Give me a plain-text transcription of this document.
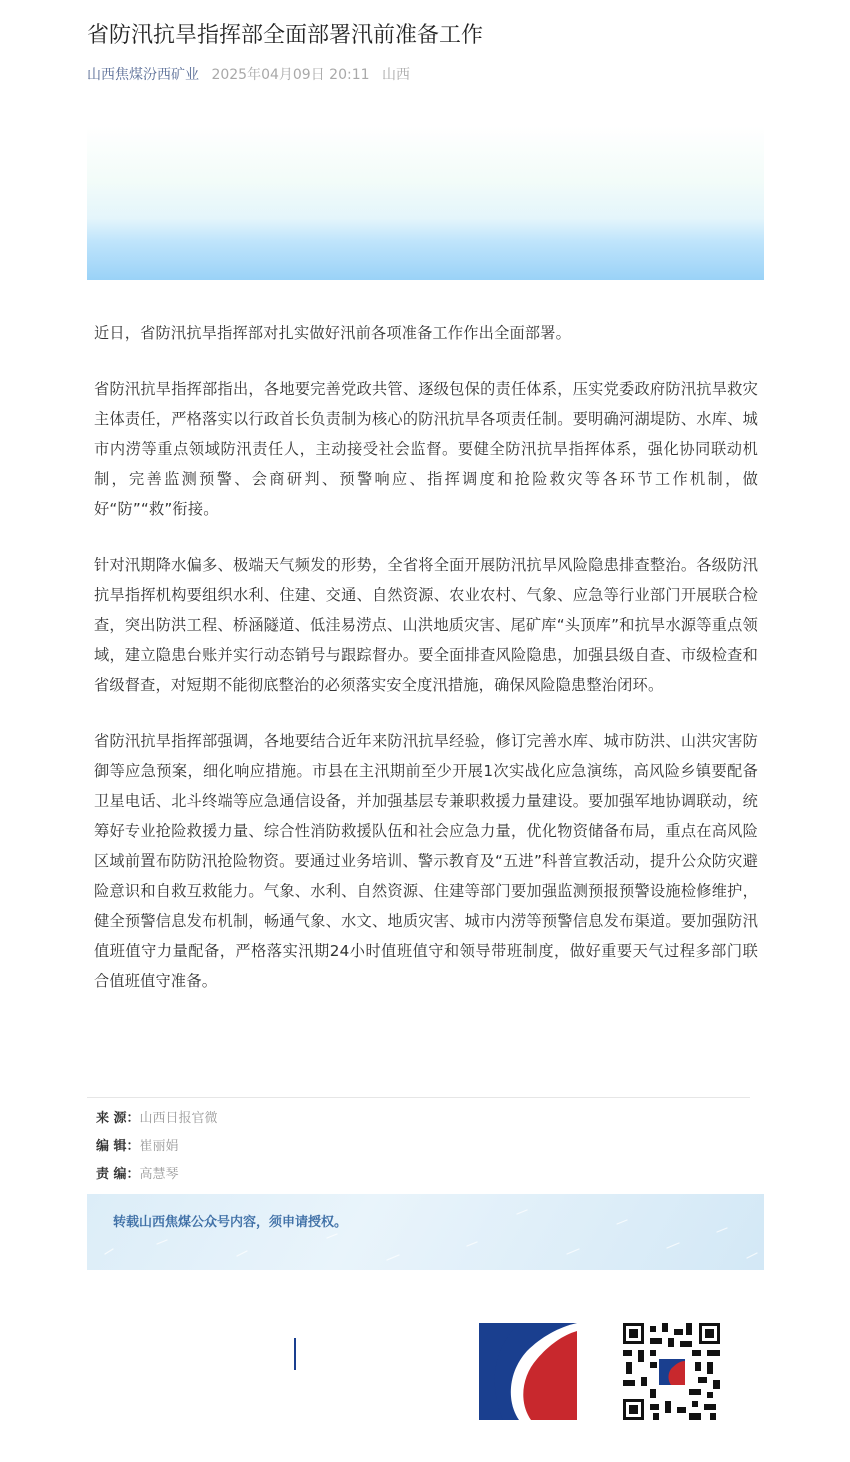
省防汛抗旱指挥部全面部署汛前准备工作
山西焦煤汾西矿业 2025年04月09日 20:11 山西

近日，省防汛抗旱指挥部对扎实做好汛前各项准备工作作出全面部署。

省防汛抗旱指挥部指出，各地要完善党政共管、逐级包保的责任体系，压实党委政府防汛抗旱救灾主体责任，严格落实以行政首长负责制为核心的防汛抗旱各项责任制。要明确河湖堤防、水库、城市内涝等重点领域防汛责任人，主动接受社会监督。要健全防汛抗旱指挥体系，强化协同联动机制，完善监测预警、会商研判、预警响应、指挥调度和抢险救灾等各环节工作机制，做好“防”“救”衔接。

针对汛期降水偏多、极端天气频发的形势，全省将全面开展防汛抗旱风险隐患排查整治。各级防汛抗旱指挥机构要组织水利、住建、交通、自然资源、农业农村、气象、应急等行业部门开展联合检查，突出防洪工程、桥涵隧道、低洼易涝点、山洪地质灾害、尾矿库“头顶库”和抗旱水源等重点领域，建立隐患台账并实行动态销号与跟踪督办。要全面排查风险隐患，加强县级自查、市级检查和省级督查，对短期不能彻底整治的必须落实安全度汛措施，确保风险隐患整治闭环。

省防汛抗旱指挥部强调，各地要结合近年来防汛抗旱经验，修订完善水库、城市防洪、山洪灾害防御等应急预案，细化响应措施。市县在主汛期前至少开展1次实战化应急演练，高风险乡镇要配备卫星电话、北斗终端等应急通信设备，并加强基层专兼职救援力量建设。要加强军地协调联动，统筹好专业抢险救援力量、综合性消防救援队伍和社会应急力量，优化物资储备布局，重点在高风险区域前置布防防汛抢险物资。要通过业务培训、警示教育及“五进”科普宣教活动，提升公众防灾避险意识和自救互救能力。气象、水利、自然资源、住建等部门要加强监测预报预警设施检修维护，健全预警信息发布机制，畅通气象、水文、地质灾害、城市内涝等预警信息发布渠道。要加强防汛值班值守力量配备，严格落实汛期24小时值班值守和领导带班制度，做好重要天气过程多部门联合值班值守准备。

来 源：山西日报官微
编 辑：崔丽娟
责 编：高慧琴
转载山西焦煤公众号内容，须申请授权。
